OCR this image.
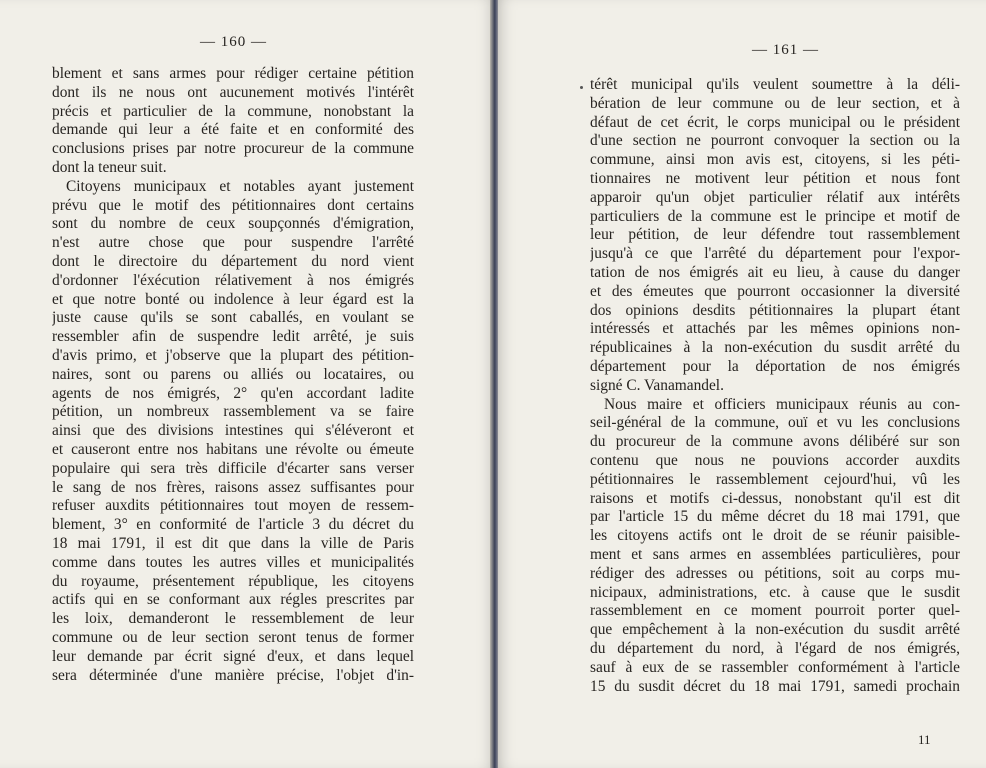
— 160 —
blement et sans armes pour rédiger certaine pétition
dont ils ne nous ont aucunement motivés l'intérêt
précis et particulier de la commune, nonobstant la
demande qui leur a été faite et en conformité des
conclusions prises par notre procureur de la commune
dont la teneur suit.
Citoyens municipaux et notables ayant justement
prévu que le motif des pétitionnaires dont certains
sont du nombre de ceux soupçonnés d'émigration,
n'est autre chose que pour suspendre l'arrêté
dont le directoire du département du nord vient
d'ordonner l'éxécution rélativement à nos émigrés
et que notre bonté ou indolence à leur égard est la
juste cause qu'ils se sont caballés, en voulant se
ressembler afin de suspendre ledit arrêté, je suis
d'avis primo, et j'observe que la plupart des pétition-
naires, sont ou parens ou alliés ou locataires, ou
agents de nos émigrés, 2° qu'en accordant ladite
pétition, un nombreux rassemblement va se faire
ainsi que des divisions intestines qui s'éléveront et
et causeront entre nos habitans une révolte ou émeute
populaire qui sera très difficile d'écarter sans verser
le sang de nos frères, raisons assez suffisantes pour
refuser auxdits pétitionnaires tout moyen de ressem-
blement, 3° en conformité de l'article 3 du décret du
18 mai 1791, il est dit que dans la ville de Paris
comme dans toutes les autres villes et municipalités
du royaume, présentement république, les citoyens
actifs qui en se conformant aux régles prescrites par
les loix, demanderont le ressemblement de leur
commune ou de leur section seront tenus de former
leur demande par écrit signé d'eux, et dans lequel
sera déterminée d'une manière précise, l'objet d'in-
— 161 —
térêt municipal qu'ils veulent soumettre à la déli-
bération de leur commune ou de leur section, et à
défaut de cet écrit, le corps municipal ou le président
d'une section ne pourront convoquer la section ou la
commune, ainsi mon avis est, citoyens, si les péti-
tionnaires ne motivent leur pétition et nous font
apparoir qu'un objet particulier rélatif aux intérêts
particuliers de la commune est le principe et motif de
leur pétition, de leur défendre tout rassemblement
jusqu'à ce que l'arrêté du département pour l'expor-
tation de nos émigrés ait eu lieu, à cause du danger
et des émeutes que pourront occasionner la diversité
dos opinions desdits pétitionnaires la plupart étant
intéressés et attachés par les mêmes opinions non-
républicaines à la non-exécution du susdit arrêté du
département pour la déportation de nos émigrés
signé C. Vanamandel.
Nous maire et officiers municipaux réunis au con-
seil-général de la commune, ouï et vu les conclusions
du procureur de la commune avons délibéré sur son
contenu que nous ne pouvions accorder auxdits
pétitionnaires le rassemblement cejourd'hui, vû les
raisons et motifs ci-dessus, nonobstant qu'il est dit
par l'article 15 du même décret du 18 mai 1791, que
les citoyens actifs ont le droit de se réunir paisible-
ment et sans armes en assemblées particulières, pour
rédiger des adresses ou pétitions, soit au corps mu-
nicipaux, administrations, etc. à cause que le susdit
rassemblement en ce moment pourroit porter quel-
que empêchement à la non-exécution du susdit arrêté
du département du nord, à l'égard de nos émigrés,
sauf à eux de se rassembler conformément à l'article
15 du susdit décret du 18 mai 1791, samedi prochain
11
